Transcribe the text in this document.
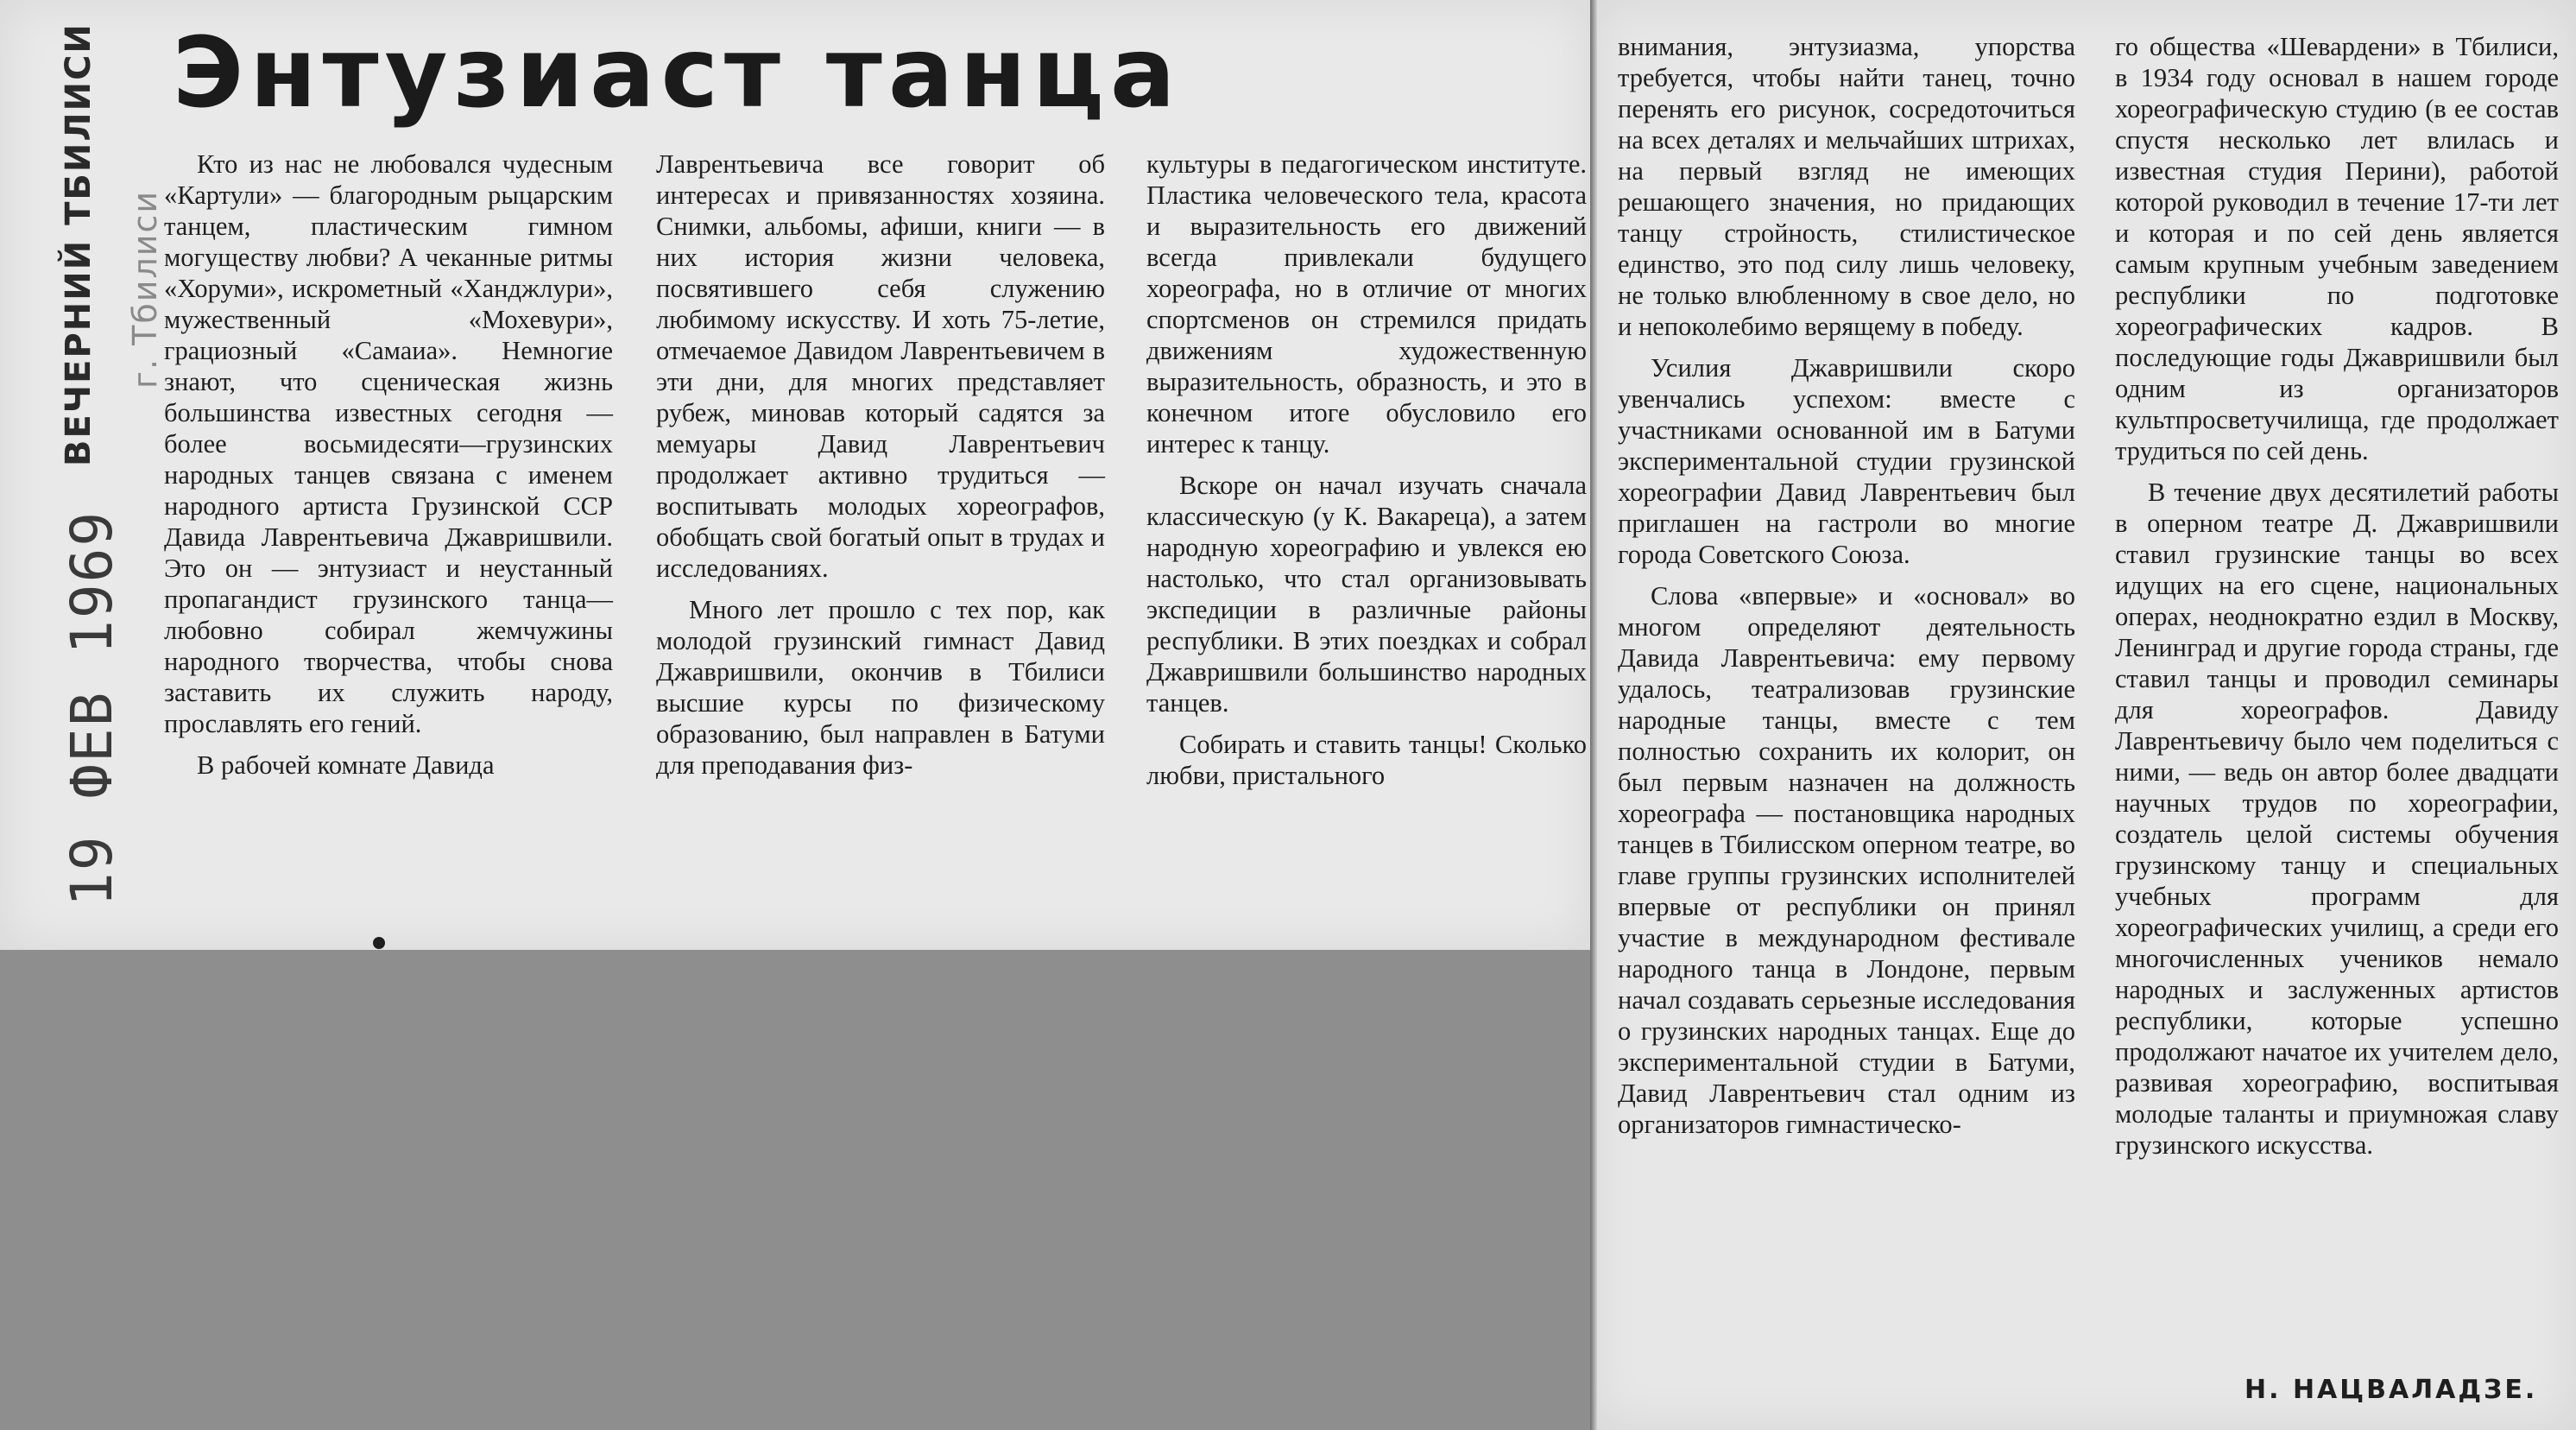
ВЕЧЕРНИЙ ТБИЛИСИ г. Тбилиси
19 ФЕВ 1969
Энтузиаст танца

Кто из нас не любовался чудесным «Картули» — благородным рыцарским танцем, пластическим гимном могуществу любви? А чеканные ритмы «Хоруми», искрометный «Ханджлури», мужественный «Мохевури», грациозный «Самаиа». Немногие знают, что сценическая жизнь большинства известных сегодня — более восьмидесяти—грузинских народных танцев связана с именем народного артиста Грузинской ССР Давида Лаврентьевича Джавришвили. Это он — энтузиаст и неустанный пропагандист грузинского танца—любовно собирал жемчужины народного творчества, чтобы снова заставить их служить народу, прославлять его гений.

В рабочей комнате Давида

Лаврентьевича все говорит об интересах и привязанностях хозяина. Снимки, альбомы, афиши, книги — в них история жизни человека, посвятившего себя служению любимому искусству. И хоть 75-летие, отмечаемое Давидом Лаврентьевичем в эти дни, для многих представляет рубеж, миновав который садятся за мемуары Давид Лаврентьевич продолжает активно трудиться — воспитывать молодых хореографов, обобщать свой богатый опыт в трудах и исследованиях.

Много лет прошло с тех пор, как молодой грузинский гимнаст Давид Джавришвили, окончив в Тбилиси высшие курсы по физическому образованию, был направлен в Батуми для преподавания физ-

культуры в педагогическом институте. Пластика человеческого тела, красота и выразительность его движений всегда привлекали будущего хореографа, но в отличие от многих спортсменов он стремился придать движениям художественную выразительность, образность, и это в конечном итоге обусловило его интерес к танцу.

Вскоре он начал изучать сначала классическую (у К. Вакареца), а затем народную хореографию и увлекся ею настолько, что стал организовывать экспедиции в различные районы республики. В этих поездках и собрал Джавришвили большинство народных танцев.

Собирать и ставить танцы! Сколько любви, пристального

внимания, энтузиазма, упорства требуется, чтобы найти танец, точно перенять его рисунок, сосредоточиться на всех деталях и мельчайших штрихах, на первый взгляд не имеющих решающего значения, но придающих танцу стройность, стилистическое единство, это под силу лишь человеку, не только влюбленному в свое дело, но и непоколебимо верящему в победу.

Усилия Джавришвили скоро увенчались успехом: вместе с участниками основанной им в Батуми экспериментальной студии грузинской хореографии Давид Лаврентьевич был приглашен на гастроли во многие города Советского Союза.

Слова «впервые» и «основал» во многом определяют деятельность Давида Лаврентьевича: ему первому удалось, театрализовав грузинские народные танцы, вместе с тем полностью сохранить их колорит, он был первым назначен на должность хореографа — постановщика народных танцев в Тбилисском оперном театре, во главе группы грузинских исполнителей впервые от республики он принял участие в международном фестивале народного танца в Лондоне, первым начал создавать серьезные исследования о грузинских народных танцах. Еще до экспериментальной студии в Батуми, Давид Лаврентьевич стал одним из организаторов гимнастическо-

го общества «Шевардени» в Тбилиси, в 1934 году основал в нашем городе хореографическую студию (в ее состав спустя несколько лет влилась и известная студия Перини), работой которой руководил в течение 17-ти лет и которая и по сей день является самым крупным учебным заведением республики по подготовке хореографических кадров. В последующие годы Джавришвили был одним из организаторов культпросветучилища, где продолжает трудиться по сей день.

В течение двух десятилетий работы в оперном театре Д. Джавришвили ставил грузинские танцы во всех идущих на его сцене, национальных операх, неоднократно ездил в Москву, Ленинград и другие города страны, где ставил танцы и проводил семинары для хореографов. Давиду Лаврентьевичу было чем поделиться с ними, — ведь он автор более двадцати научных трудов по хореографии, создатель целой системы обучения грузинскому танцу и специальных учебных программ для хореографических училищ, а среди его многочисленных учеников немало народных и заслуженных артистов республики, которые успешно продолжают начатое их учителем дело, развивая хореографию, воспитывая молодые таланты и приумножая славу грузинского искусства.

Н. НАЦВАЛАДЗЕ.
